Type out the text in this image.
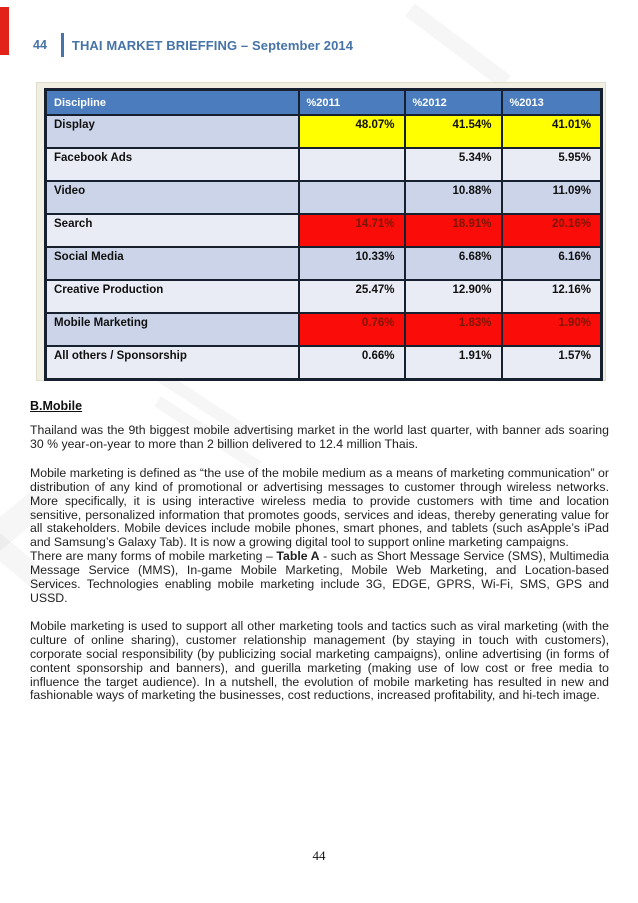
44 THAI MARKET BRIEFFING – September 2014
Discipline	%2011	%2012	%2013
Display	48.07%	41.54%	41.01%
Facebook Ads		5.34%	5.95%
Video		10.88%	11.09%
Search	14.71%	18.91%	20.16%
Social Media	10.33%	6.68%	6.16%
Creative Production	25.47%	12.90%	12.16%
Mobile Marketing	0.76%	1.83%	1.90%
All others / Sponsorship	0.66%	1.91%	1.57%
B.Mobile

Thailand was the 9th biggest mobile advertising market in the world last quarter, with banner ads soaring 30 % year-on-year to more than 2 billion delivered to 12.4 million Thais.

Mobile marketing is defined as “the use of the mobile medium as a means of marketing communication” or distribution of any kind of promotional or advertising messages to customer through wireless networks. More specifically, it is using interactive wireless media to provide customers with time and location sensitive, personalized information that promotes goods, services and ideas, thereby generating value for all stakeholders. Mobile devices include mobile phones, smart phones, and tablets (such asApple’s iPad and Samsung’s Galaxy Tab). It is now a growing digital tool to support online marketing campaigns.

There are many forms of mobile marketing – Table A - such as Short Message Service (SMS), Multimedia Message Service (MMS), In-game Mobile Marketing, Mobile Web Marketing, and Location-based Services. Technologies enabling mobile marketing include 3G, EDGE, GPRS, Wi-Fi, SMS, GPS and USSD.

Mobile marketing is used to support all other marketing tools and tactics such as viral marketing (with the culture of online sharing), customer relationship management (by staying in touch with customers), corporate social responsibility (by publicizing social marketing campaigns), online advertising (in forms of content sponsorship and banners), and guerilla marketing (making use of low cost or free media to influence the target audience). In a nutshell, the evolution of mobile marketing has resulted in new and fashionable ways of marketing the businesses, cost reductions, increased profitability, and hi-tech image.

44
